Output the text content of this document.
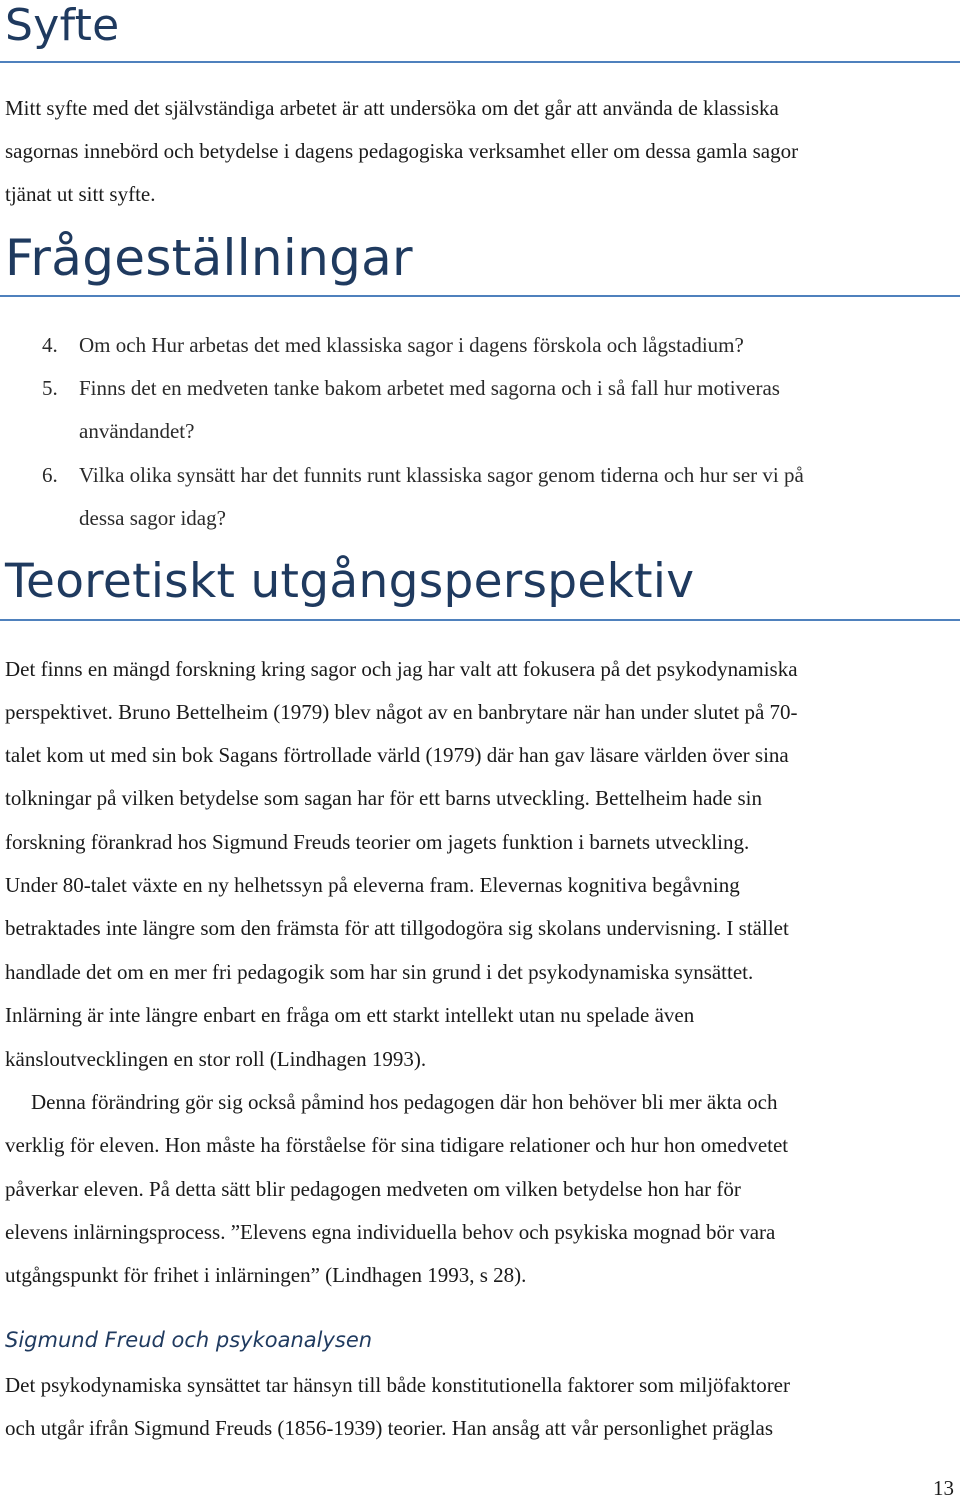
Syfte

Mitt syfte med det självständiga arbetet är att undersöka om det går att använda de klassiska

sagornas innebörd och betydelse i dagens pedagogiska verksamhet eller om dessa gamla sagor

tjänat ut sitt syfte.

Frågeställningar

4. Om och Hur arbetas det med klassiska sagor i dagens förskola och lågstadium?

5. Finns det en medveten tanke bakom arbetet med sagorna och i så fall hur motiveras

användandet?

6. Vilka olika synsätt har det funnits runt klassiska sagor genom tiderna och hur ser vi på

dessa sagor idag?

Teoretiskt utgångsperspektiv

Det finns en mängd forskning kring sagor och jag har valt att fokusera på det psykodynamiska

perspektivet. Bruno Bettelheim (1979) blev något av en banbrytare när han under slutet på 70-

talet kom ut med sin bok Sagans förtrollade värld (1979) där han gav läsare världen över sina

tolkningar på vilken betydelse som sagan har för ett barns utveckling. Bettelheim hade sin

forskning förankrad hos Sigmund Freuds teorier om jagets funktion i barnets utveckling.

Under 80-talet växte en ny helhetssyn på eleverna fram. Elevernas kognitiva begåvning

betraktades inte längre som den främsta för att tillgodogöra sig skolans undervisning. I stället

handlade det om en mer fri pedagogik som har sin grund i det psykodynamiska synsättet.

Inlärning är inte längre enbart en fråga om ett starkt intellekt utan nu spelade även

känsloutvecklingen en stor roll (Lindhagen 1993).

Denna förändring gör sig också påmind hos pedagogen där hon behöver bli mer äkta och

verklig för eleven. Hon måste ha förståelse för sina tidigare relationer och hur hon omedvetet

påverkar eleven. På detta sätt blir pedagogen medveten om vilken betydelse hon har för

elevens inlärningsprocess. ”Elevens egna individuella behov och psykiska mognad bör vara

utgångspunkt för frihet i inlärningen” (Lindhagen 1993, s 28).

Sigmund Freud och psykoanalysen

Det psykodynamiska synsättet tar hänsyn till både konstitutionella faktorer som miljöfaktorer

och utgår ifrån Sigmund Freuds (1856-1939) teorier. Han ansåg att vår personlighet präglas

13
